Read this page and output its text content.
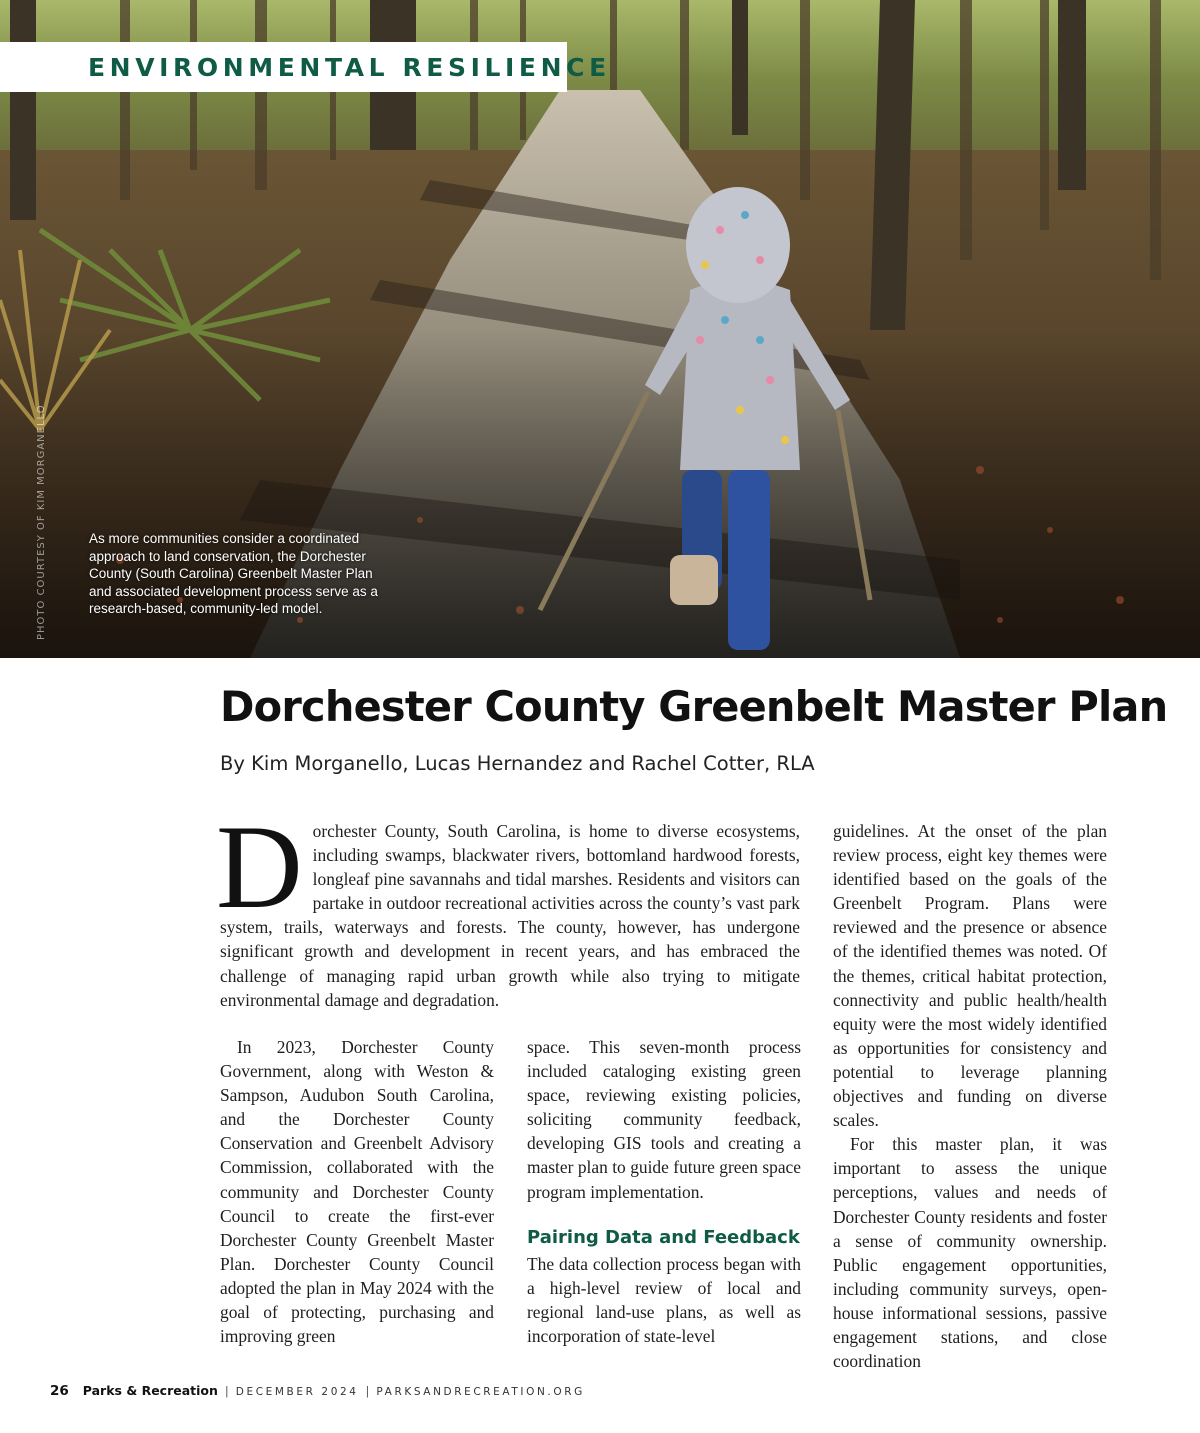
ENVIRONMENTAL RESILIENCE
PHOTO COURTESY OF KIM MORGANELLO	As more communities consider a coordinated approach to land conservation, the Dorchester County (South Carolina) Greenbelt Master Plan and associated development process serve as a research-based, community-led model.
Dorchester County Greenbelt Master Plan
By Kim Morganello, Lucas Hernandez and Rachel Cotter, RLA
Dorchester County, South Carolina, is home to diverse ecosystems, including swamps, blackwater rivers, bottomland hardwood forests, longleaf pine savannahs and tidal marshes. Residents and visitors can partake in outdoor recreational activities across the county’s vast park system, trails, waterways and forests. The county, however, has undergone significant growth and development in recent years, and has embraced the challenge of managing rapid urban growth while also trying to mitigate environmental damage and degradation.

In 2023, Dorchester County Government, along with Weston & Sampson, Audubon South Carolina, and the Dorchester County Conservation and Greenbelt Advisory Commission, collaborated with the community and Dorchester County Council to create the first-ever Dorchester County Greenbelt Master Plan. Dorchester County Council adopted the plan in May 2024 with the goal of protecting, purchasing and improving green

space. This seven-month process included cataloging existing green space, reviewing existing policies, soliciting community feedback, developing GIS tools and creating a master plan to guide future green space program implementation.

Pairing Data and Feedback

The data collection process began with a high-level review of local and regional land-use plans, as well as incorporation of state-level

guidelines. At the onset of the plan review process, eight key themes were identified based on the goals of the Greenbelt Program. Plans were reviewed and the presence or absence of the identified themes was noted. Of the themes, critical habitat protection, connectivity and public health/health equity were the most widely identified as opportunities for consistency and potential to leverage planning objectives and funding on diverse scales.

For this master plan, it was important to assess the unique perceptions, values and needs of Dorchester County residents and foster a sense of community ownership. Public engagement opportunities, including community surveys, open-house informational sessions, passive engagement stations, and close coordination

26 Parks & Recreation | DECEMBER 2024 | PARKSANDRECREATION.ORG
